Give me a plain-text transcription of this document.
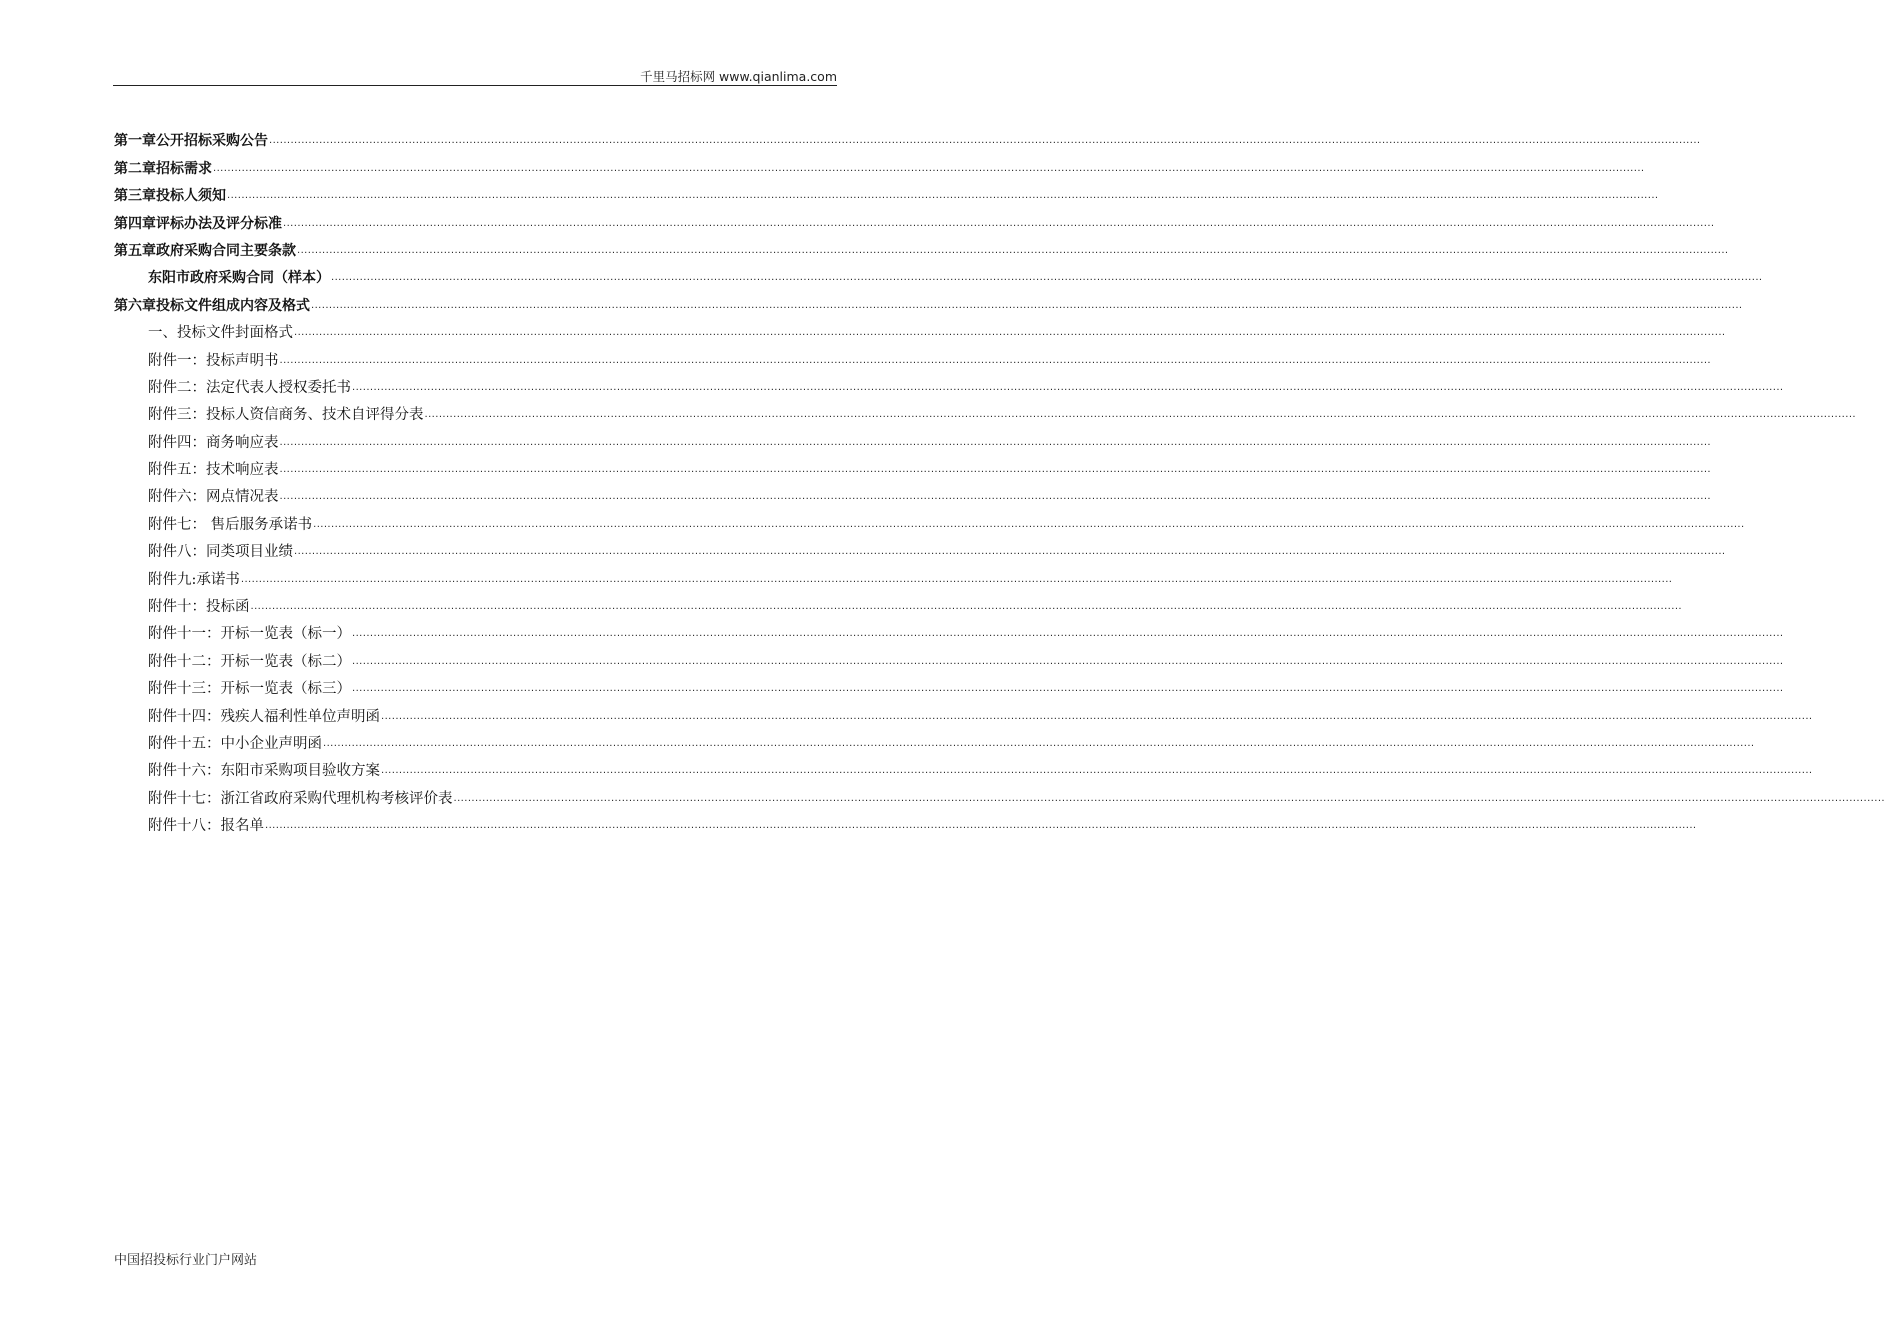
千里马招标网 www.qianlima.com
第一章 公开招标采购公告 ................................................................................................................................................................................................................................................................................................................................................................................................................
第二章 招标需求 ................................................................................................................................................................................................................................................................................................................................................................................................................
第三章 投标人须知 ................................................................................................................................................................................................................................................................................................................................................................................................................
第四章 评标办法及评分标准 ................................................................................................................................................................................................................................................................................................................................................................................................................
第五章 政府采购合同主要条款 ................................................................................................................................................................................................................................................................................................................................................................................................................
东阳市政府采购合同（样本） ................................................................................................................................................................................................................................................................................................................................................................................................................
第六章 投标文件组成内容及格式 ................................................................................................................................................................................................................................................................................................................................................................................................................
一、投标文件封面格式 ................................................................................................................................................................................................................................................................................................................................................................................................................
附件一：投标声明书 ................................................................................................................................................................................................................................................................................................................................................................................................................
附件二：法定代表人授权委托书 ................................................................................................................................................................................................................................................................................................................................................................................................................
附件三：投标人资信商务、技术自评得分表 ................................................................................................................................................................................................................................................................................................................................................................................................................
附件四：商务响应表 ................................................................................................................................................................................................................................................................................................................................................................................................................
附件五：技术响应表 ................................................................................................................................................................................................................................................................................................................................................................................................................
附件六：网点情况表 ................................................................................................................................................................................................................................................................................................................................................................................................................
附件七： 售后服务承诺书 ................................................................................................................................................................................................................................................................................................................................................................................................................
附件八：同类项目业绩 ................................................................................................................................................................................................................................................................................................................................................................................................................
附件九:承诺书 ................................................................................................................................................................................................................................................................................................................................................................................................................
附件十：投标函 ................................................................................................................................................................................................................................................................................................................................................................................................................
附件十一：开标一览表（标一） ................................................................................................................................................................................................................................................................................................................................................................................................................
附件十二：开标一览表（标二） ................................................................................................................................................................................................................................................................................................................................................................................................................
附件十三：开标一览表（标三） ................................................................................................................................................................................................................................................................................................................................................................................................................
附件十四：残疾人福利性单位声明函 ................................................................................................................................................................................................................................................................................................................................................................................................................
附件十五：中小企业声明函 ................................................................................................................................................................................................................................................................................................................................................................................................................
附件十六：东阳市采购项目验收方案 ................................................................................................................................................................................................................................................................................................................................................................................................................
附件十七：浙江省政府采购代理机构考核评价表 ................................................................................................................................................................................................................................................................................................................................................................................................................
附件十八：报名单 ................................................................................................................................................................................................................................................................................................................................................................................................................
中国招投标行业门户网站
